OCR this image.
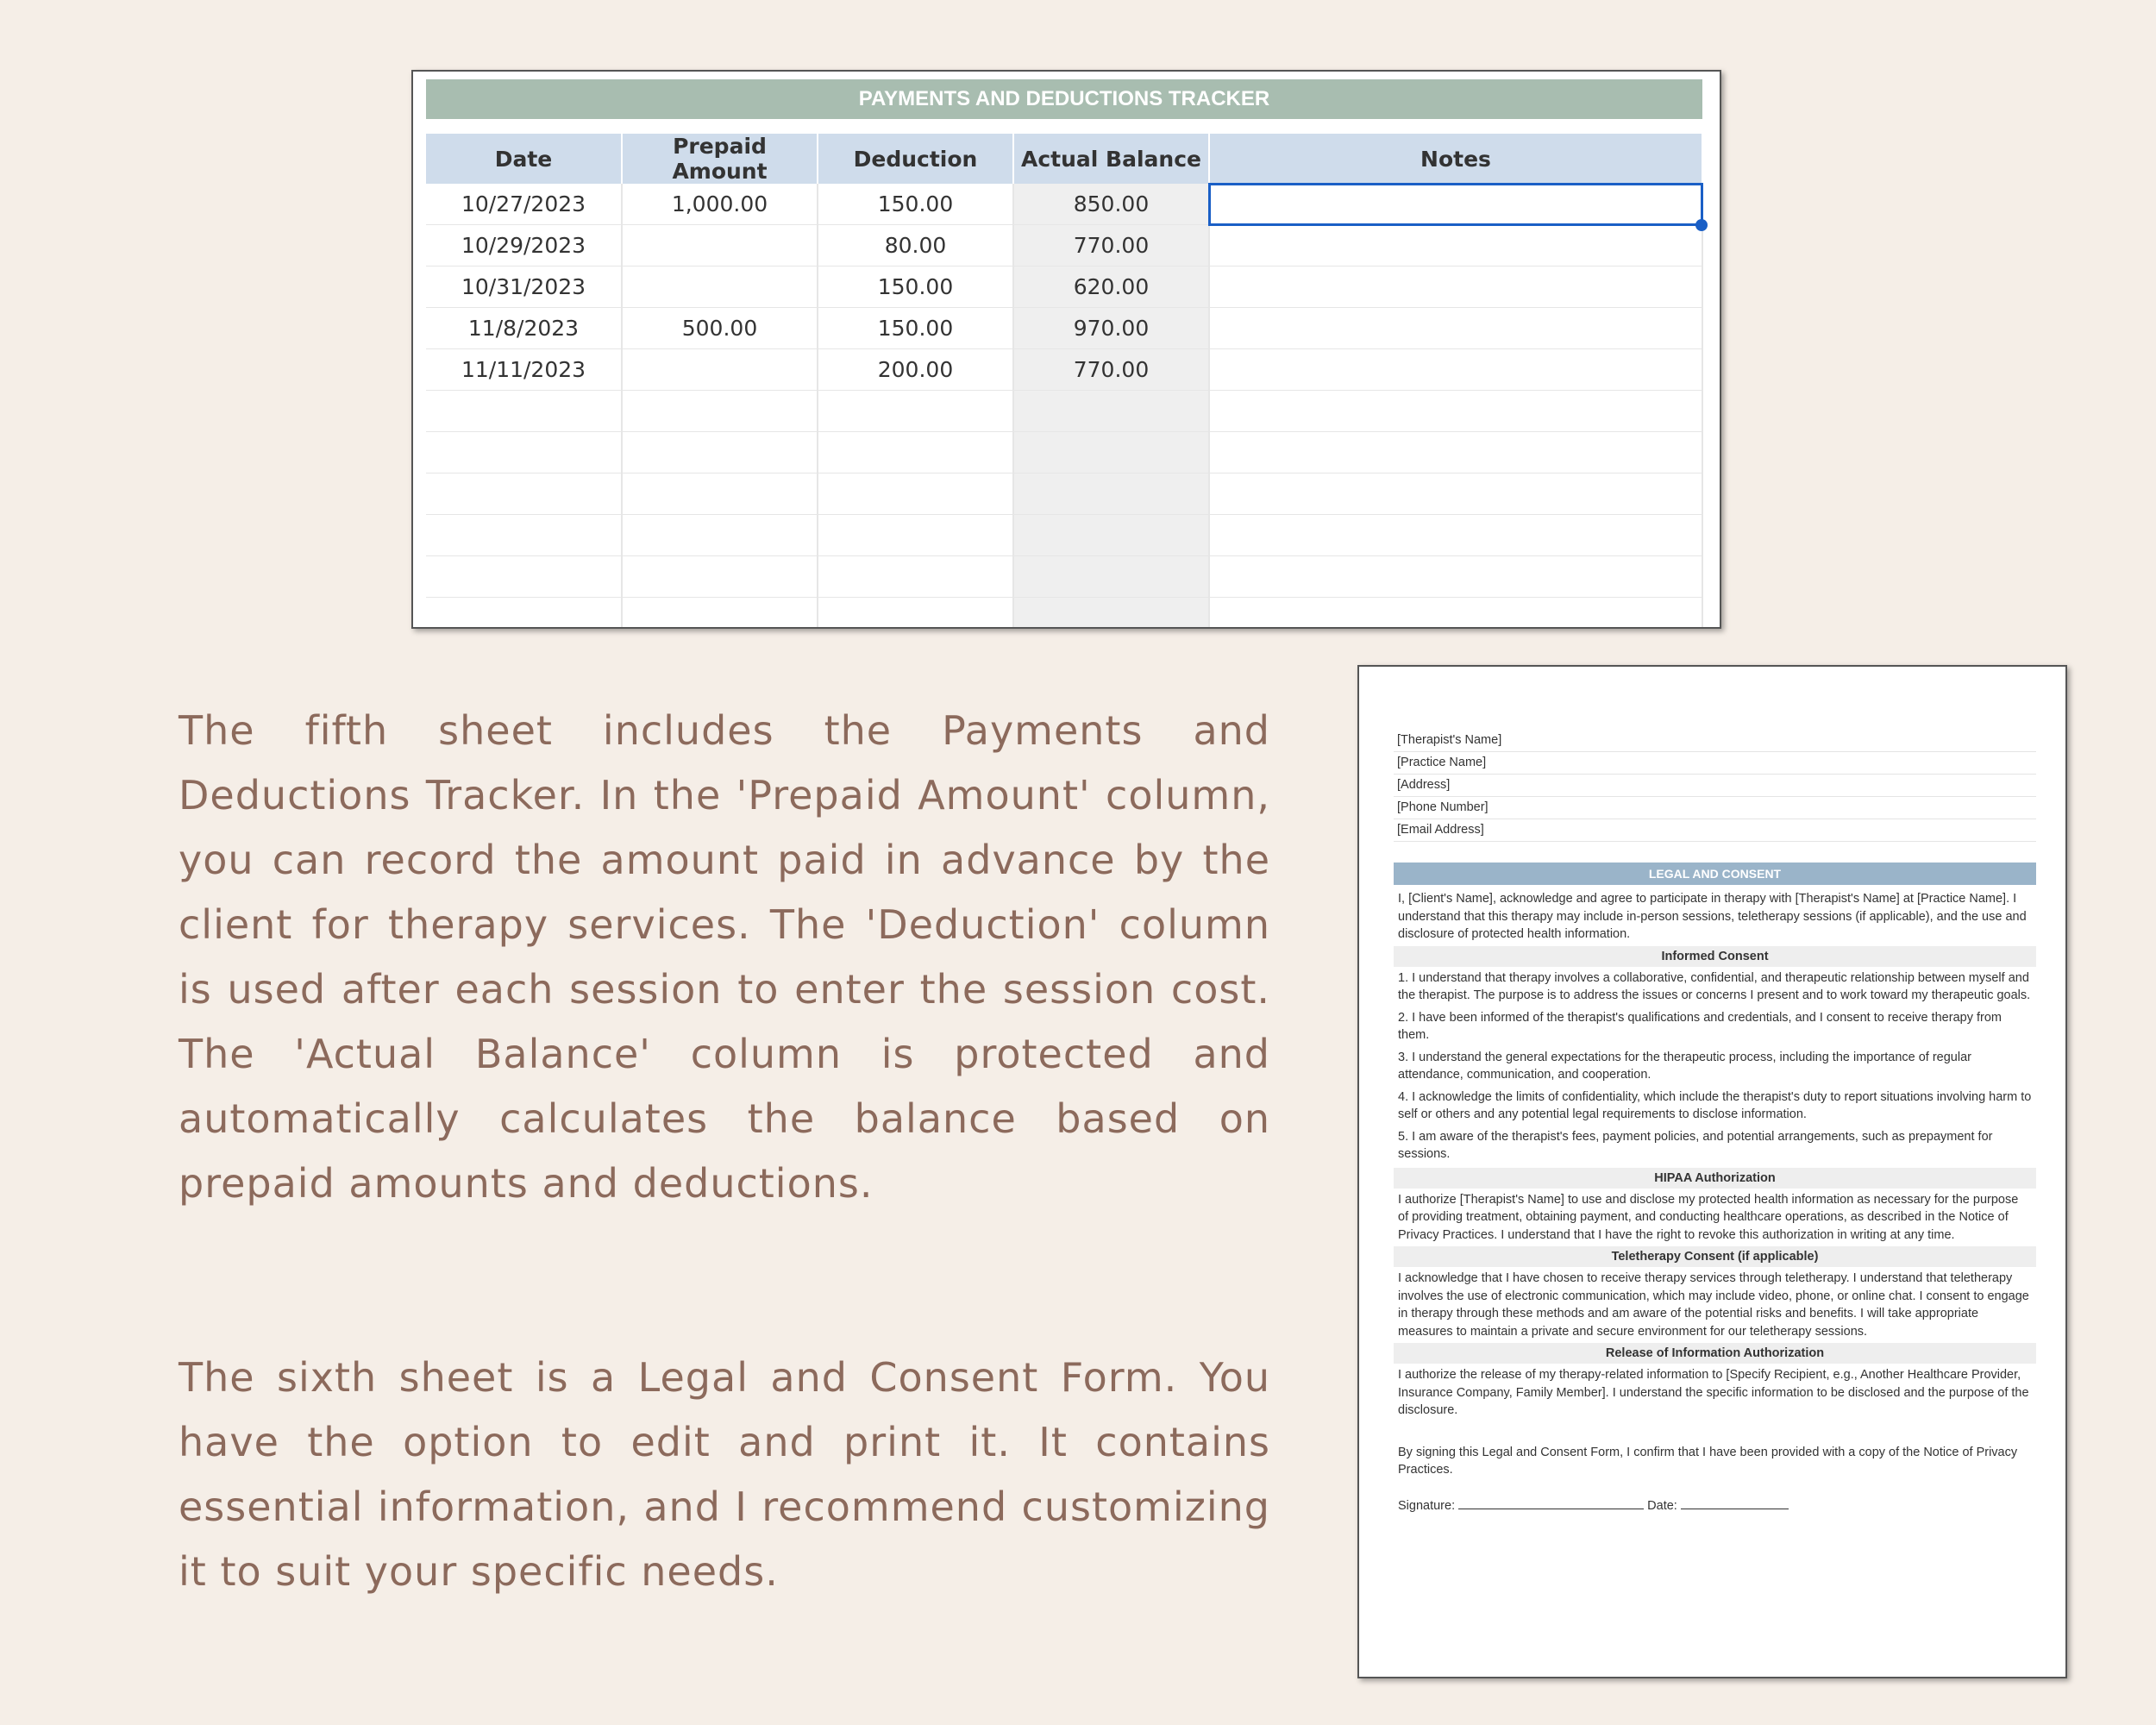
PAYMENTS AND DEDUCTIONS TRACKER
Date	Prepaid Amount	Deduction	Actual Balance	Notes
10/27/2023	1,000.00	150.00	850.00	

10/29/2023		80.00	770.00	
10/31/2023		150.00	620.00	
11/8/2023	500.00	150.00	970.00	
11/11/2023		200.00	770.00	

The fifth sheet includes the Payments and Deductions Tracker. In the 'Prepaid Amount' column, you can record the amount paid in advance by the client for therapy services. The 'Deduction' column is used after each session to enter the session cost. The 'Actual Balance' column is protected and automatically calculates the balance based on prepaid amounts and deductions.

The sixth sheet is a Legal and Consent Form. You have the option to edit and print it. It contains essential information, and I recommend customizing it to suit your specific needs.

[Therapist's Name]
[Practice Name]
[Address]
[Phone Number]
[Email Address]
LEGAL AND CONSENT

I, [Client's Name], acknowledge and agree to participate in therapy with [Therapist's Name] at [Practice Name]. I understand that this therapy may include in-person sessions, teletherapy sessions (if applicable), and the use and disclosure of protected health information.

Informed Consent

1. I understand that therapy involves a collaborative, confidential, and therapeutic relationship between myself and the therapist. The purpose is to address the issues or concerns I present and to work toward my therapeutic goals.

2. I have been informed of the therapist's qualifications and credentials, and I consent to receive therapy from them.

3. I understand the general expectations for the therapeutic process, including the importance of regular attendance, communication, and cooperation.

4. I acknowledge the limits of confidentiality, which include the therapist's duty to report situations involving harm to self or others and any potential legal requirements to disclose information.

5. I am aware of the therapist's fees, payment policies, and potential arrangements, such as prepayment for sessions.

HIPAA Authorization

I authorize [Therapist's Name] to use and disclose my protected health information as necessary for the purpose of providing treatment, obtaining payment, and conducting healthcare operations, as described in the Notice of Privacy Practices. I understand that I have the right to revoke this authorization in writing at any time.

Teletherapy Consent (if applicable)

I acknowledge that I have chosen to receive therapy services through teletherapy. I understand that teletherapy involves the use of electronic communication, which may include video, phone, or online chat. I consent to engage in therapy through these methods and am aware of the potential risks and benefits. I will take appropriate measures to maintain a private and secure environment for our teletherapy sessions.

Release of Information Authorization

I authorize the release of my therapy-related information to [Specify Recipient, e.g., Another Healthcare Provider, Insurance Company, Family Member]. I understand the specific information to be disclosed and the purpose of the disclosure.

By signing this Legal and Consent Form, I confirm that I have been provided with a copy of the Notice of Privacy Practices.

Signature:	Date:
